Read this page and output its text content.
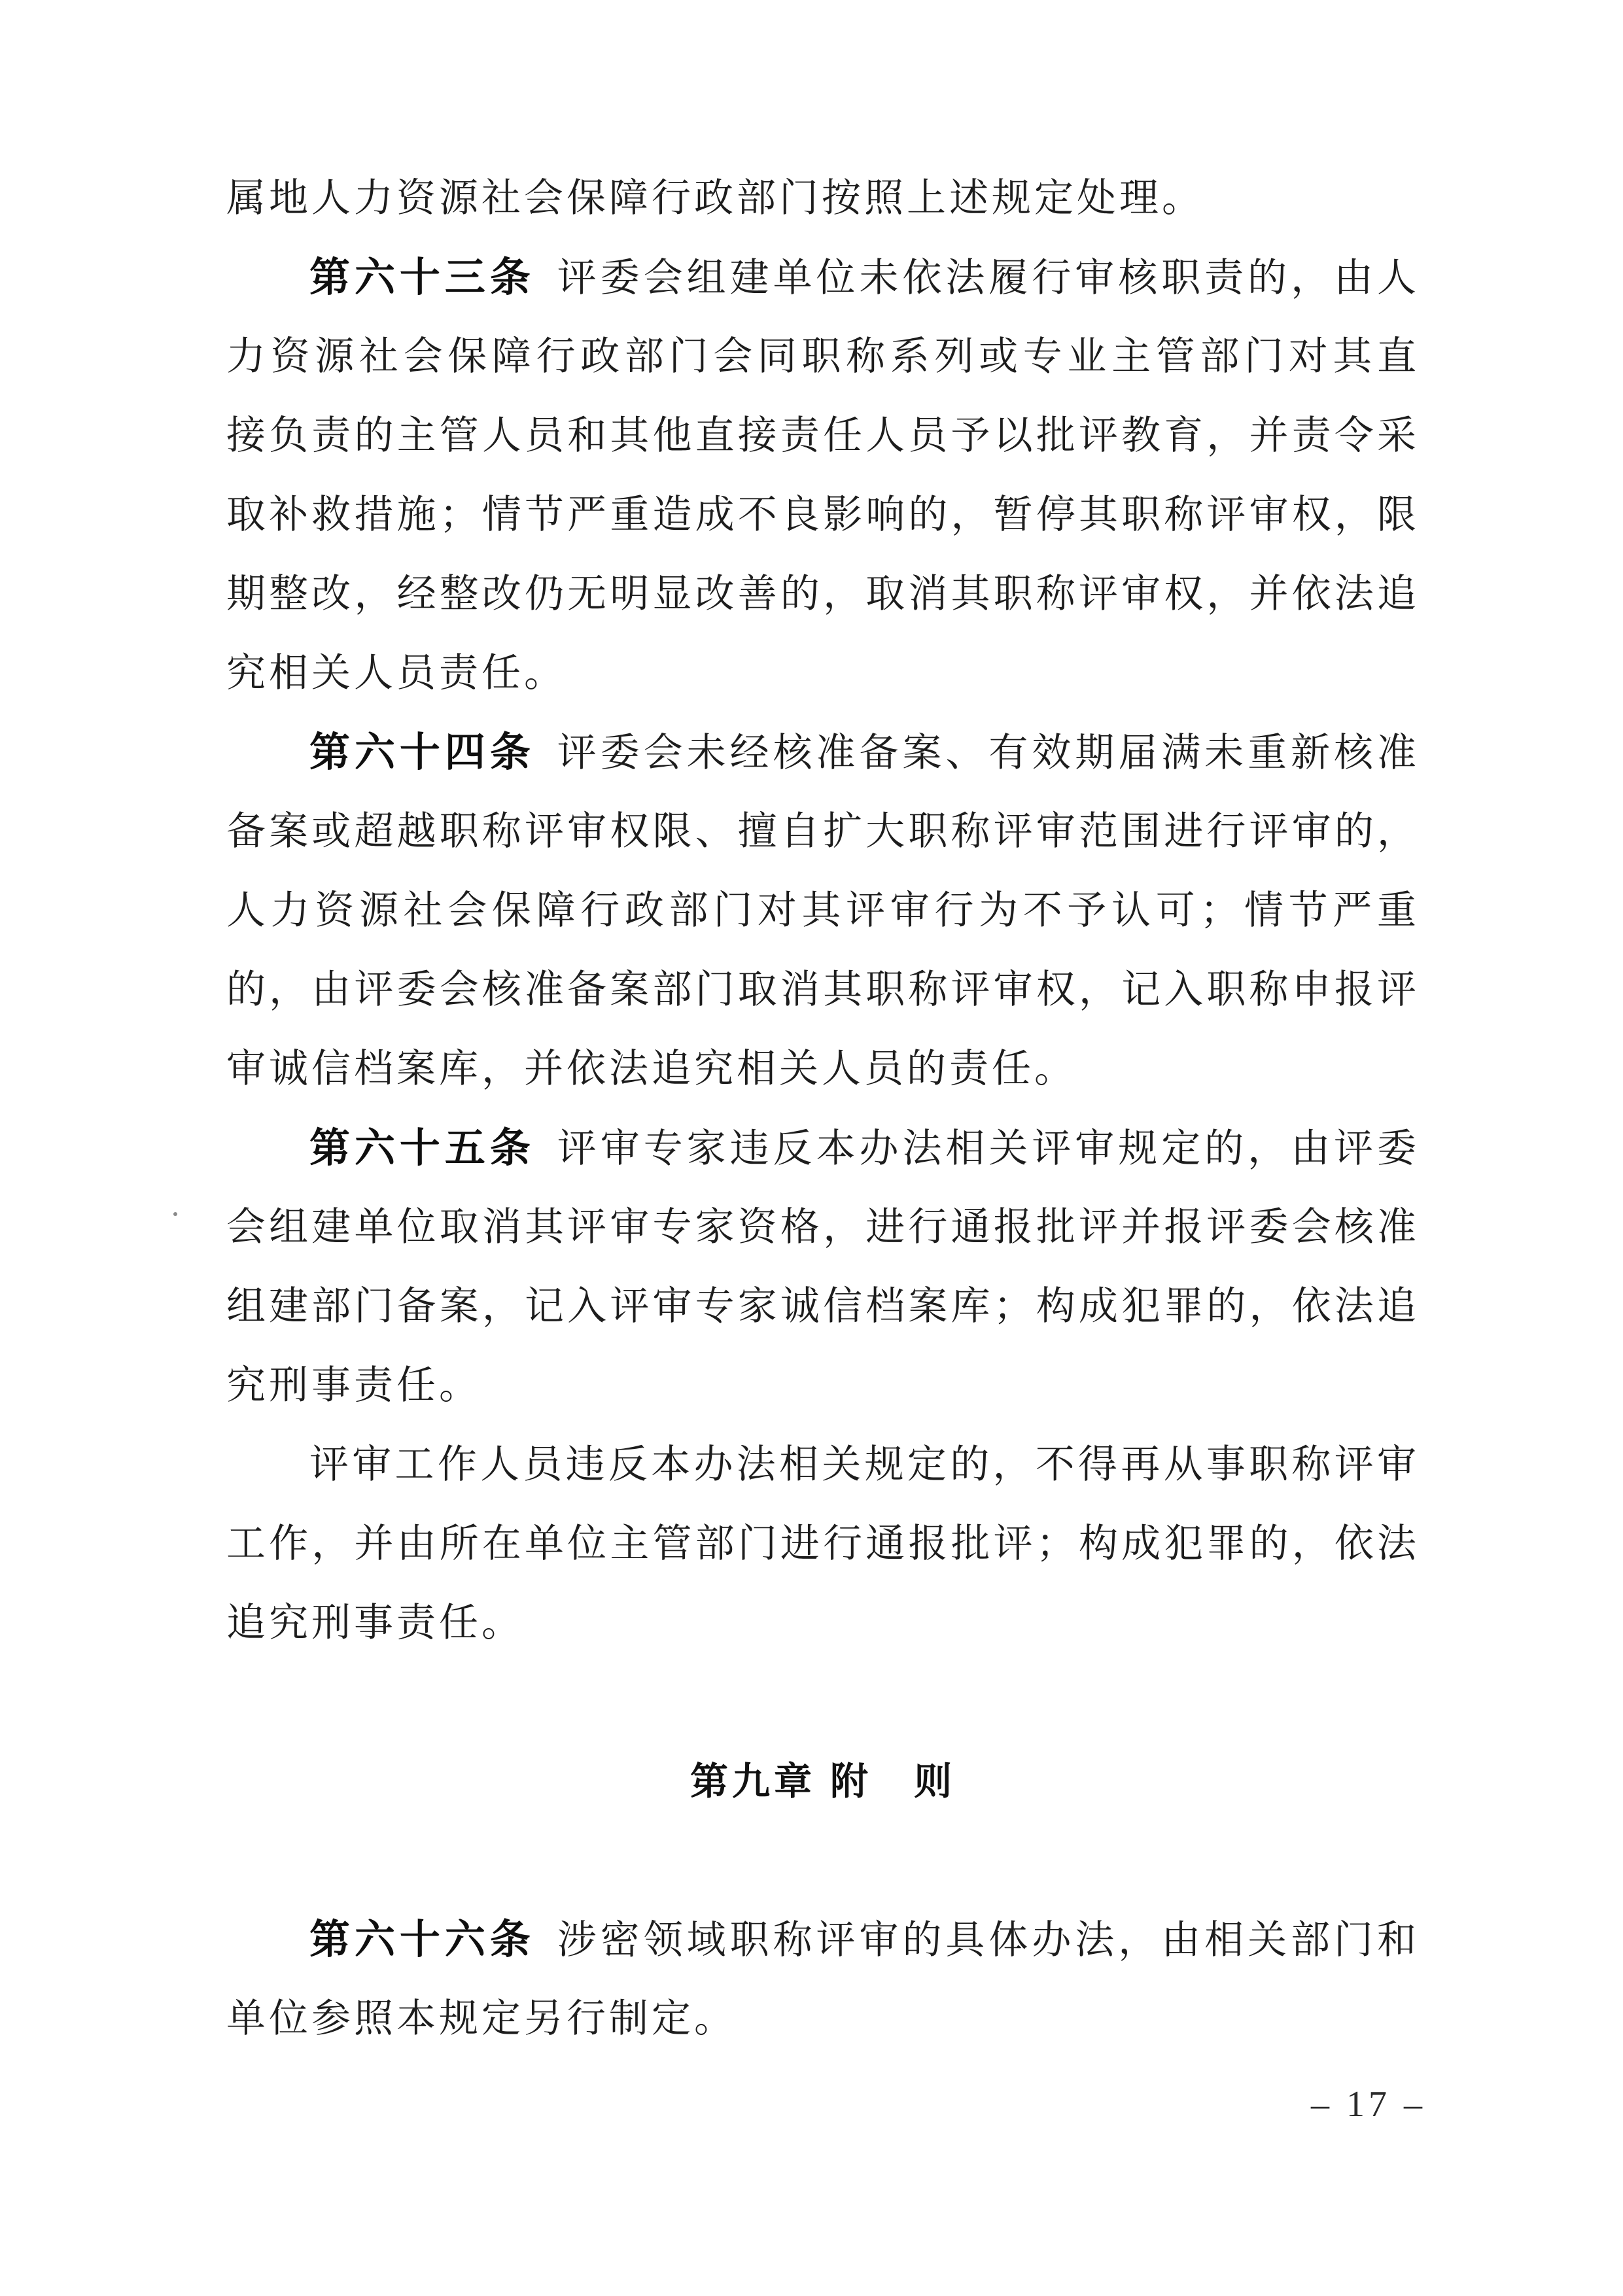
属地人力资源社会保障行政部门按照上述规定处理。
第六十三条 评委会组建单位未依法履行审核职责的，由人
力资源社会保障行政部门会同职称系列或专业主管部门对其直
接负责的主管人员和其他直接责任人员予以批评教育，并责令采
取补救措施；情节严重造成不良影响的，暂停其职称评审权，限
期整改，经整改仍无明显改善的，取消其职称评审权，并依法追
究相关人员责任。
第六十四条 评委会未经核准备案、有效期届满未重新核准
备案或超越职称评审权限、擅自扩大职称评审范围进行评审的，
人力资源社会保障行政部门对其评审行为不予认可；情节严重
的，由评委会核准备案部门取消其职称评审权，记入职称申报评
审诚信档案库，并依法追究相关人员的责任。
第六十五条 评审专家违反本办法相关评审规定的，由评委
会组建单位取消其评审专家资格，进行通报批评并报评委会核准
组建部门备案，记入评审专家诚信档案库；构成犯罪的，依法追
究刑事责任。
评审工作人员违反本办法相关规定的，不得再从事职称评审
工作，并由所在单位主管部门进行通报批评；构成犯罪的，依法
追究刑事责任。
第九章 附　则
第六十六条 涉密领域职称评审的具体办法，由相关部门和
单位参照本规定另行制定。
– 17 –
